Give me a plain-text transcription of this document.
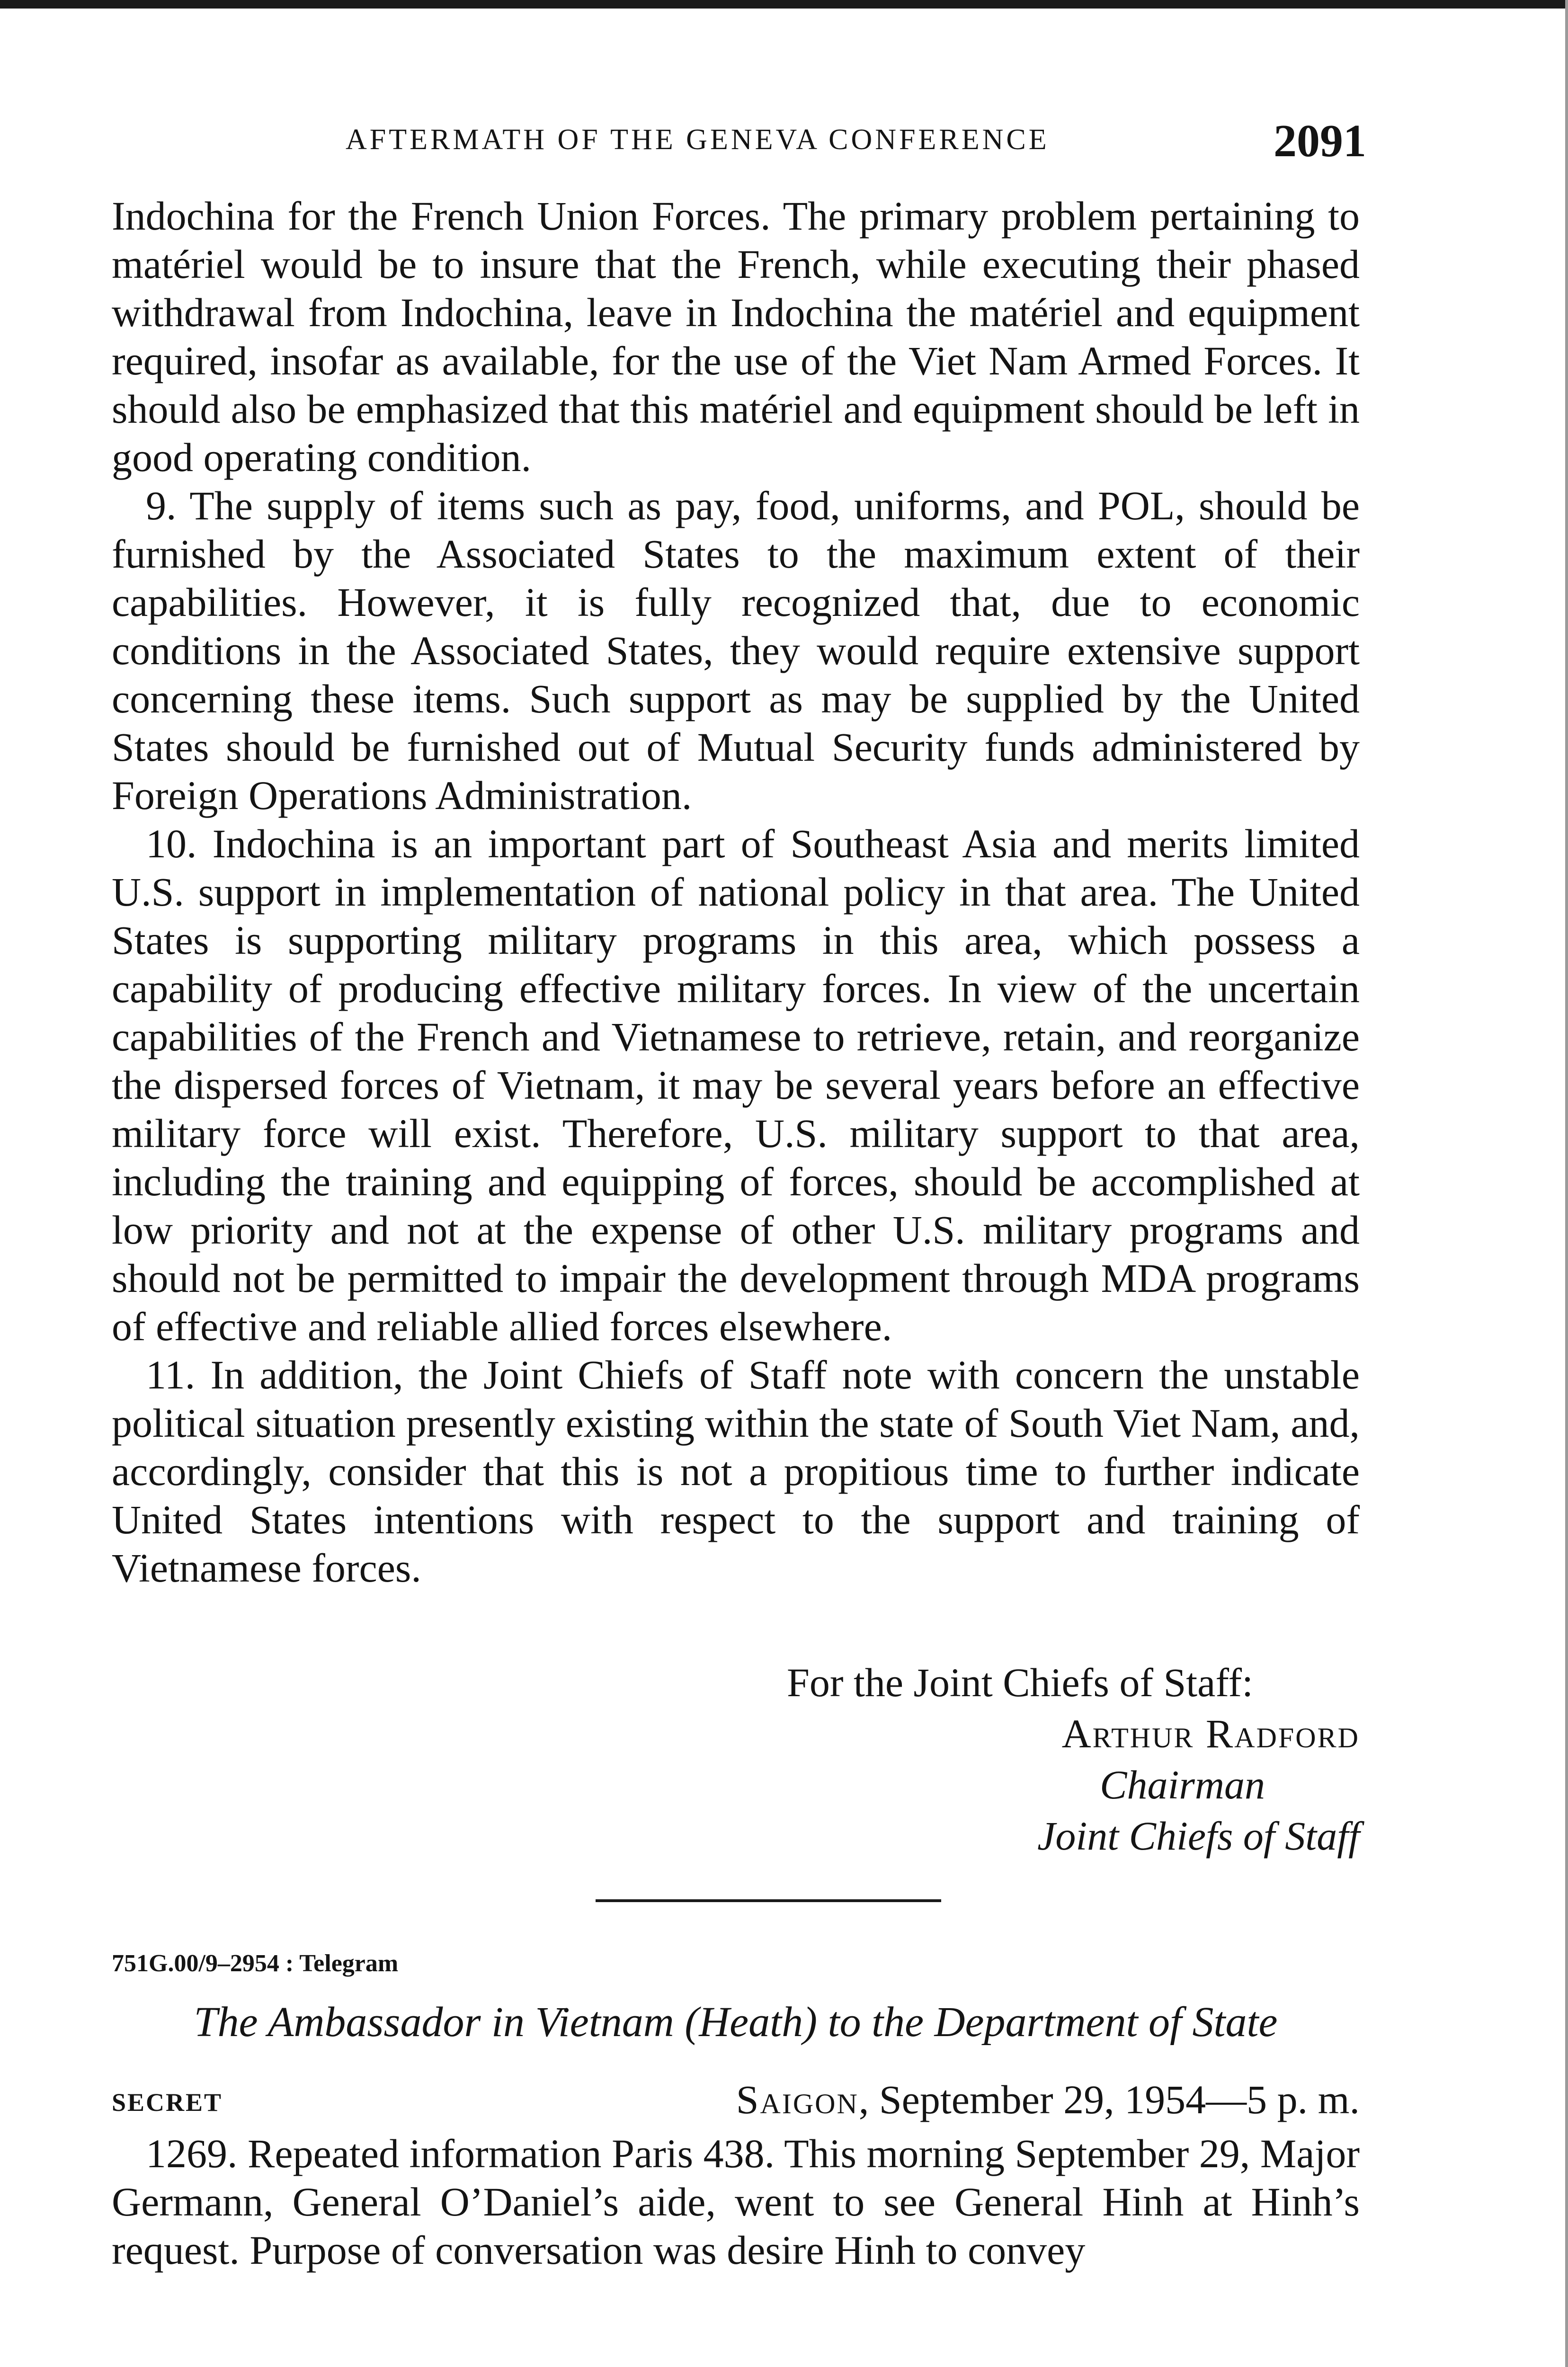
AFTERMATH OF THE GENEVA CONFERENCE	2091

Indochina for the French Union Forces. The primary problem pertaining to matériel would be to insure that the French, while executing their phased withdrawal from Indochina, leave in Indochina the matériel and equipment required, insofar as available, for the use of the Viet Nam Armed Forces. It should also be emphasized that this matériel and equipment should be left in good operating condition.

9. The supply of items such as pay, food, uniforms, and POL, should be furnished by the Associated States to the maximum extent of their capabilities. However, it is fully recognized that, due to economic conditions in the Associated States, they would require extensive support concerning these items. Such support as may be supplied by the United States should be furnished out of Mutual Security funds administered by Foreign Operations Administration.

10. Indochina is an important part of Southeast Asia and merits limited U.S. support in implementation of national policy in that area. The United States is supporting military programs in this area, which possess a capability of producing effective military forces. In view of the uncertain capabilities of the French and Vietnamese to retrieve, retain, and reorganize the dispersed forces of Vietnam, it may be several years before an effective military force will exist. Therefore, U.S. military support to that area, including the training and equipping of forces, should be accomplished at low priority and not at the expense of other U.S. military programs and should not be permitted to impair the development through MDA programs of effective and reliable allied forces elsewhere.

11. In addition, the Joint Chiefs of Staff note with concern the unstable political situation presently existing within the state of South Viet Nam, and, accordingly, consider that this is not a propitious time to further indicate United States intentions with respect to the support and training of Vietnamese forces.

For the Joint Chiefs of Staff:
Arthur Radford
Chairman
Joint Chiefs of Staff
751G.00/9–2954 : Telegram
The Ambassador in Vietnam (Heath) to the Department of State
SECRET	Saigon, September 29, 1954—5 p. m.

1269. Repeated information Paris 438. This morning September 29, Major Germann, General O’Daniel’s aide, went to see General Hinh at Hinh’s request. Purpose of conversation was desire Hinh to convey
